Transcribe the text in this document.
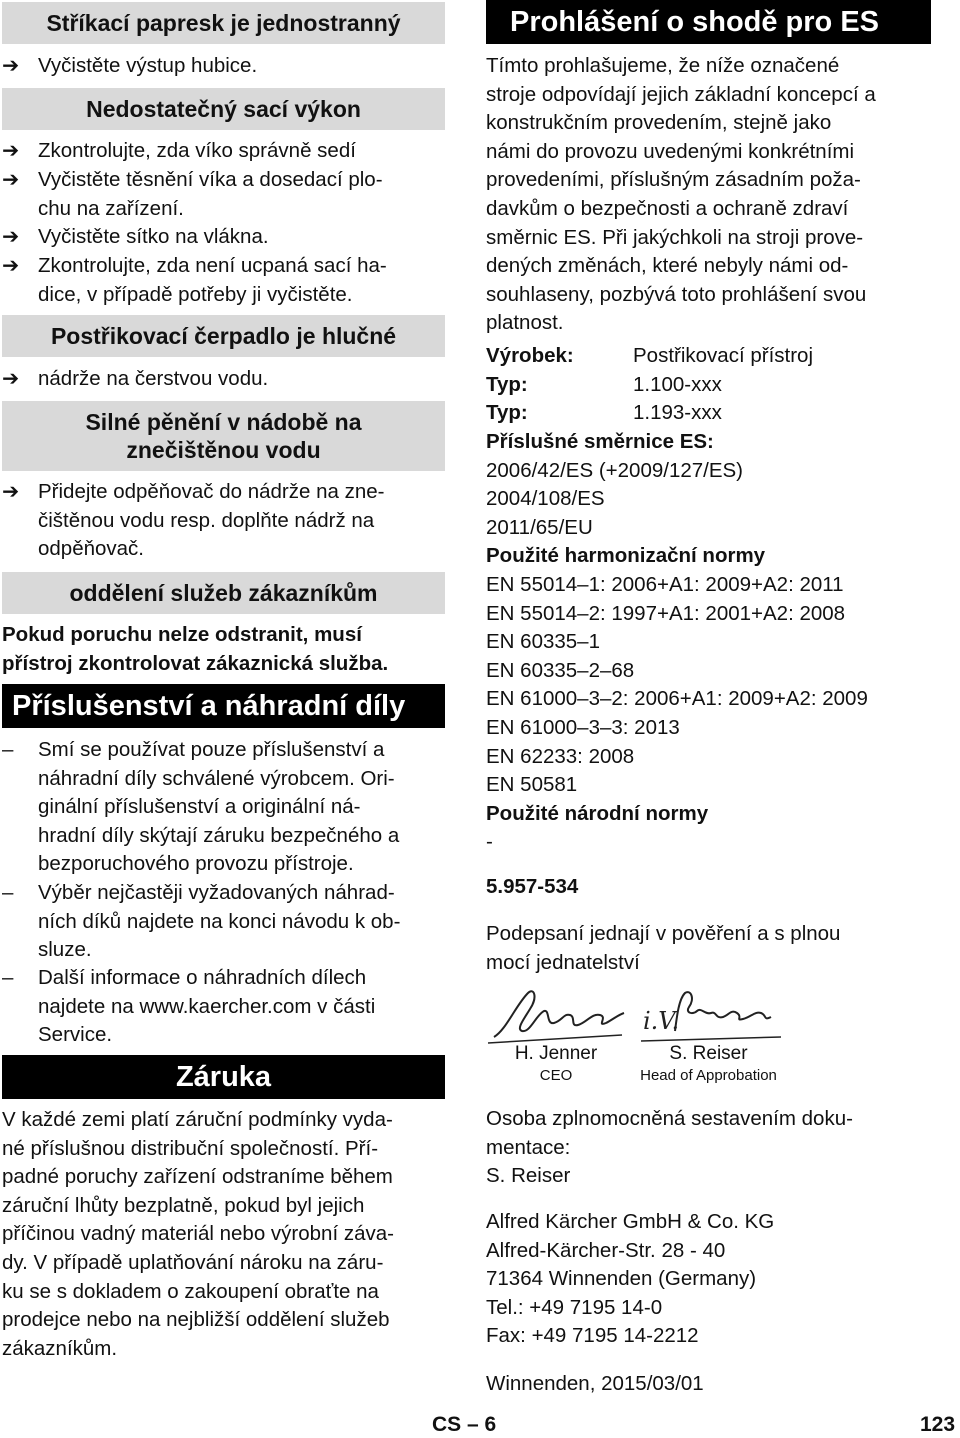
Stříkací papresk je jednostranný
➔ Vyčistěte výstup hubice.
Nedostatečný sací výkon
➔ Zkontrolujte, zda víko správně sedí
➔ Vyčistěte těsnění víka a dosedací plo-
chu na zařízení.
➔ Vyčistěte sítko na vlákna.
➔ Zkontrolujte, zda není ucpaná sací ha-
dice, v případě potřeby ji vyčistěte.
Postřikovací čerpadlo je hlučné
➔ nádrže na čerstvou vodu.
Silné pěnění v nádobě na
znečištěnou vodu
➔ Přidejte odpěňovač do nádrže na zne-
čištěnou vodu resp. doplňte nádrž na
odpěňovač.
oddělení služeb zákazníkům
Pokud poruchu nelze odstranit, musí
přístroj zkontrolovat zákaznická služba.
Příslušenství a náhradní díly
–	Smí se používat pouze příslušenství a
náhradní díly schválené výrobcem. Ori-
ginální příslušenství a originální ná-
hradní díly skýtají záruku bezpečného a
bezporuchového provozu přístroje.
–	Výběr nejčastěji vyžadovaných náhrad-
ních díků najdete na konci návodu k ob-
sluze.
–	Další informace o náhradních dílech
najdete na www.kaercher.com v části
Service.
Záruka
V každé zemi platí záruční podmínky vyda-
né příslušnou distribuční společností. Pří-
padné poruchy zařízení odstraníme během
záruční lhůty bezplatně, pokud byl jejich
příčinou vadný materiál nebo výrobní záva-
dy. V případě uplatňování nároku na záru-
ku se s dokladem o zakoupení obraťte na
prodejce nebo na nejbližší oddělení služeb
zákazníkům.
Prohlášení o shodě pro ES
Tímto prohlašujeme, že níže označené
stroje odpovídají jejich základní koncepcí a
konstrukčním provedením, stejně jako
námi do provozu uvedenými konkrétními
provedeními, příslušným zásadním poža-
davkům o bezpečnosti a ochraně zdraví
směrnic ES. Při jakýchkoli na stroji prove-
dených změnách, které nebyly námi od-
souhlaseny, pozbývá toto prohlášení svou
platnost.
Výrobek:	Postřikovací přístroj
Typ:	1.100-xxx
Typ:	1.193-xxx
Příslušné směrnice ES:
2006/42/ES (+2009/127/ES)
2004/108/ES
2011/65/EU
Použité harmonizační normy
EN 55014–1: 2006+A1: 2009+A2: 2011
EN 55014–2: 1997+A1: 2001+A2: 2008
EN 60335–1
EN 60335–2–68
EN 61000–3–2: 2006+A1: 2009+A2: 2009
EN 61000–3–3: 2013
EN 62233: 2008
EN 50581
Použité národní normy
-
5.957-534
Podepsaní jednají v pověření a s plnou
mocí jednatelství
H. Jenner
CEO
i.V.
S. Reiser
Head of Approbation
Osoba zplnomocněná sestavením doku-
mentace:
S. Reiser
Alfred Kärcher GmbH & Co. KG
Alfred-Kärcher-Str. 28 - 40
71364 Winnenden (Germany)
Tel.: +49 7195 14-0
Fax: +49 7195 14-2212
Winnenden, 2015/03/01
CS – 6	123
